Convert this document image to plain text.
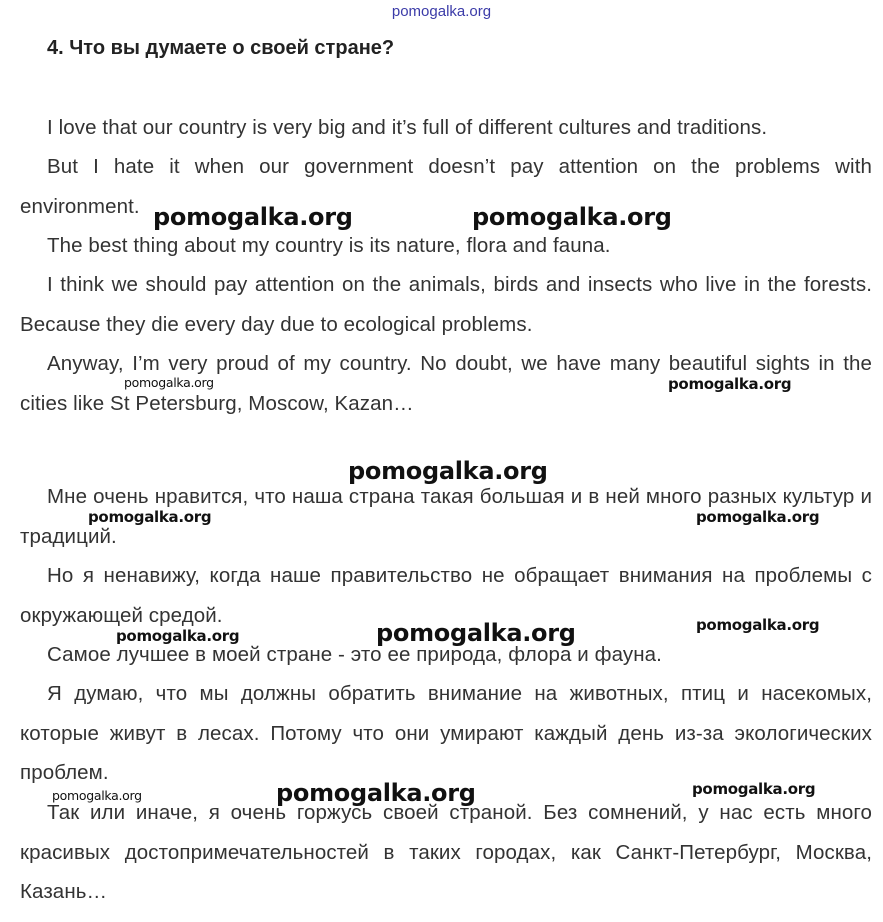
pomogalka.org
4. Что вы думаете о своей стране?

I love that our country is very big and it’s full of different cultures and traditions.

But I hate it when our government doesn’t pay attention on the problems with environment.

The best thing about my country is its nature, flora and fauna.

I think we should pay attention on the animals, birds and insects who live in the forests. Because they die every day due to ecological problems.

Anyway, I’m very proud of my country. No doubt, we have many beautiful sights in the cities like St Petersburg, Moscow, Kazan…

Мне очень нравится, что наша страна такая большая и в ней много разных культур и традиций.

Но я ненавижу, когда наше правительство не обращает внимания на проблемы с окружающей средой.

Самое лучшее в моей стране - это ее природа, флора и фауна.

Я думаю, что мы должны обратить внимание на животных, птиц и насекомых, которые живут в лесах. Потому что они умирают каждый день из-за экологических проблем.

Так или иначе, я очень горжусь своей страной. Без сомнений, у нас есть много красивых достопримечательностей в таких городах, как Санкт-Петербург, Москва, Казань…

pomogalka.org	pomogalka.org
pomogalka.org	pomogalka.org
pomogalka.org
pomogalka.org	pomogalka.org
pomogalka.org
pomogalka.org
pomogalka.org
pomogalka.org	pomogalka.org	pomogalka.org
